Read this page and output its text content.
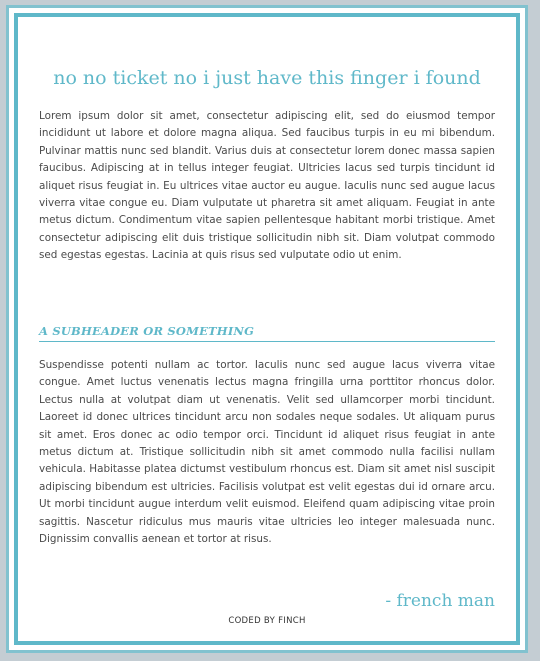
no no ticket no i just have this finger i found

Lorem ipsum dolor sit amet, consectetur adipiscing elit, sed do eiusmod tempor incididunt ut labore et dolore magna aliqua. Sed faucibus turpis in eu mi bibendum. Pulvinar mattis nunc sed blandit. Varius duis at consectetur lorem donec massa sapien faucibus. Adipiscing at in tellus integer feugiat. Ultricies lacus sed turpis tincidunt id aliquet risus feugiat in. Eu ultrices vitae auctor eu augue. Iaculis nunc sed augue lacus viverra vitae congue eu. Diam vulputate ut pharetra sit amet aliquam. Feugiat in ante metus dictum. Condimentum vitae sapien pellentesque habitant morbi tristique. Amet consectetur adipiscing elit duis tristique sollicitudin nibh sit. Diam volutpat commodo sed egestas egestas. Lacinia at quis risus sed vulputate odio ut enim.

A SUBHEADER OR SOMETHING

Suspendisse potenti nullam ac tortor. Iaculis nunc sed augue lacus viverra vitae congue. Amet luctus venenatis lectus magna fringilla urna porttitor rhoncus dolor. Lectus nulla at volutpat diam ut venenatis. Velit sed ullamcorper morbi tincidunt. Laoreet id donec ultrices tincidunt arcu non sodales neque sodales. Ut aliquam purus sit amet. Eros donec ac odio tempor orci. Tincidunt id aliquet risus feugiat in ante metus dictum at. Tristique sollicitudin nibh sit amet commodo nulla facilisi nullam vehicula. Habitasse platea dictumst vestibulum rhoncus est. Diam sit amet nisl suscipit adipiscing bibendum est ultricies. Facilisis volutpat est velit egestas dui id ornare arcu. Ut morbi tincidunt augue interdum velit euismod. Eleifend quam adipiscing vitae proin sagittis. Nascetur ridiculus mus mauris vitae ultricies leo integer malesuada nunc. Dignissim convallis aenean et tortor at risus.

- french man
CODED BY FINCH
